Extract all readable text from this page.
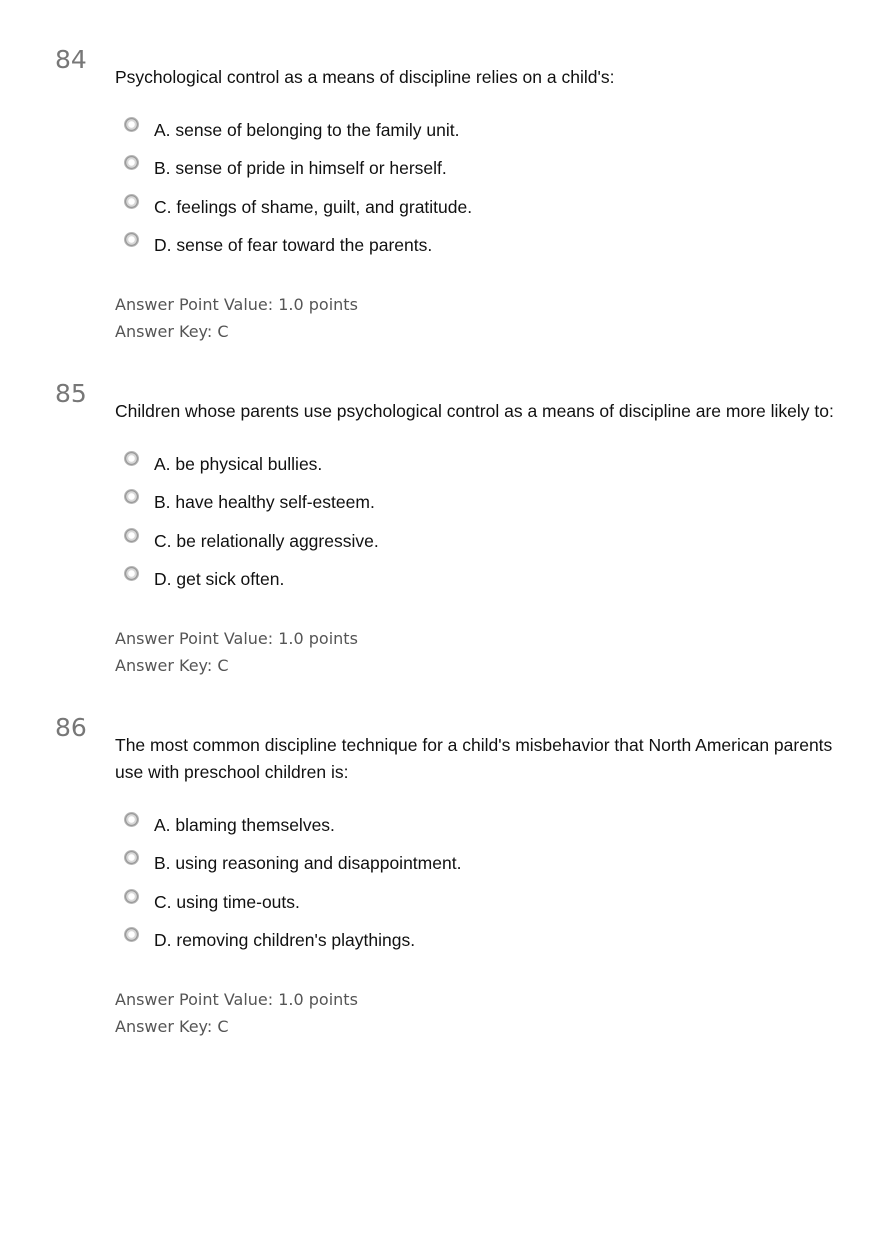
84

Psychological control as a means of discipline relies on a child's:

A. sense of belonging to the family unit.
B. sense of pride in himself or herself.
C. feelings of shame, guilt, and gratitude.
D. sense of fear toward the parents.
Answer Point Value: 1.0 points
Answer Key: C
85

Children whose parents use psychological control as a means of discipline are more likely to:

A. be physical bullies.
B. have healthy self-esteem.
C. be relationally aggressive.
D. get sick often.
Answer Point Value: 1.0 points
Answer Key: C
86

The most common discipline technique for a child's misbehavior that North American parents use with preschool children is:

A. blaming themselves.
B. using reasoning and disappointment.
C. using time-outs.
D. removing children's playthings.
Answer Point Value: 1.0 points
Answer Key: C
